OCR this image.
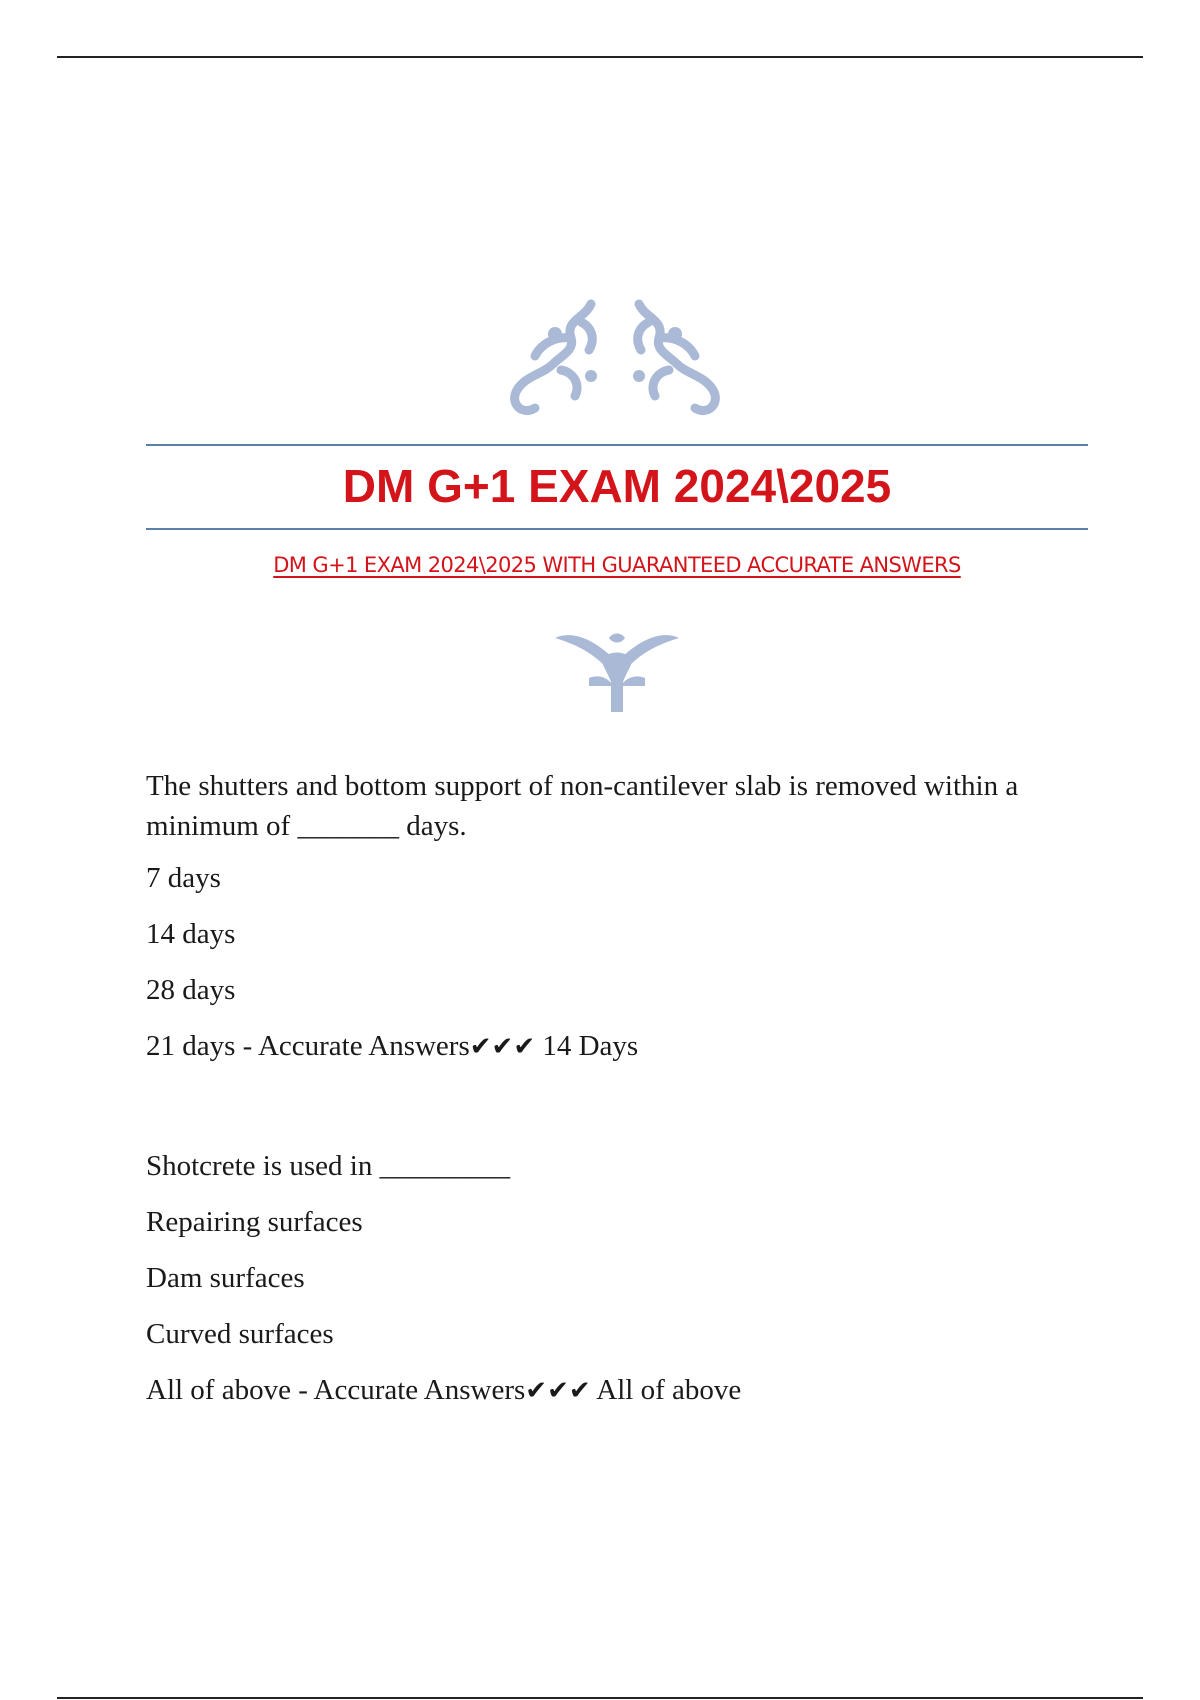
DM G+1 EXAM 2024\2025

DM G+1 EXAM 2024\2025 WITH GUARANTEED ACCURATE ANSWERS

The shutters and bottom support of non-cantilever slab is removed within a minimum of _______ days.

7 days

14 days

28 days

21 days - Accurate Answers✔✔✔ 14 Days

Shotcrete is used in _________

Repairing surfaces

Dam surfaces

Curved surfaces

All of above - Accurate Answers✔✔✔ All of above
